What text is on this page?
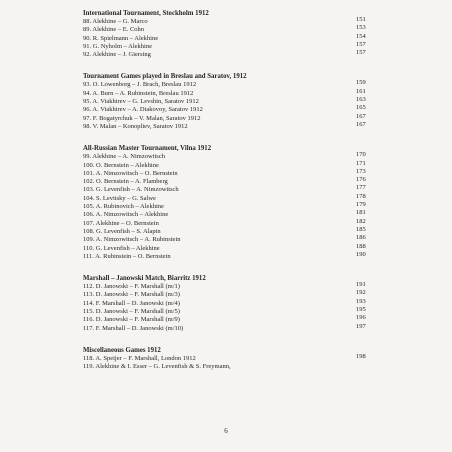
International Tournament, Stockholm 1912
88. Alekhine – G. Marco	151
89. Alekhine – E. Cohn	153
90. R. Spielmann – Alekhine	154
91. G. Nyholm – Alekhine	157
92. Alekhine – J. Giersing	157
Tournament Games played in Breslau and Saratov, 1912
93. O. Lowenborg – J. Brach, Breslau 1912	159
94. A. Burn – A. Rubinstein, Breslau 1912	161
95. A. Viakhirev – G. Levshin, Saratov 1912	163
96. A. Viakhirev – A. Diakovoy, Saratov 1912	165
97. F. Bogatyrchuk – V. Malan, Saratov 1912	167
98. V. Malan – Konopliev, Saratov 1912	167
All-Russian Master Tournament, Vilna 1912
99. Alekhine – A. Nimzowitsch	170
100. O. Bernstein – Alekhine	171
101. A. Nimzowitsch – O. Bernstein	173
102. O. Bernstein – A. Flamberg	176
103. G. Levenfish – A. Nimzowitsch	177
104. S. Levitsky – G. Salwe	178
105. A. Rubinovich – Alekhine	179
106. A. Nimzowitsch – Alekhine	181
107. Alekhine – O. Bernstein	182
108. G. Levenfish – S. Alapin	185
109. A. Nimzowitsch – A. Rubinstein	186
110. G. Levenfish – Alekhine	188
111. A. Rubinstein – O. Bernstein	190
Marshall – Janowski Match, Biarritz 1912
112. D. Janowski – F. Marshall (m/1)	191
113. D. Janowski – F. Marshall (m/3)	192
114. F. Marshall – D. Janowski (m/4)	193
115. D. Janowski – F. Marshall (m/5)	195
116. D. Janowski – F. Marshall (m/9)	196
117. F. Marshall – D. Janowski (m/10)	197
Miscellaneous Games 1912
118. A. Speijer – F. Marshall, London 1912	198
119. Alekhine & I. Esser – G. Levenfish & S. Freymann,
6
